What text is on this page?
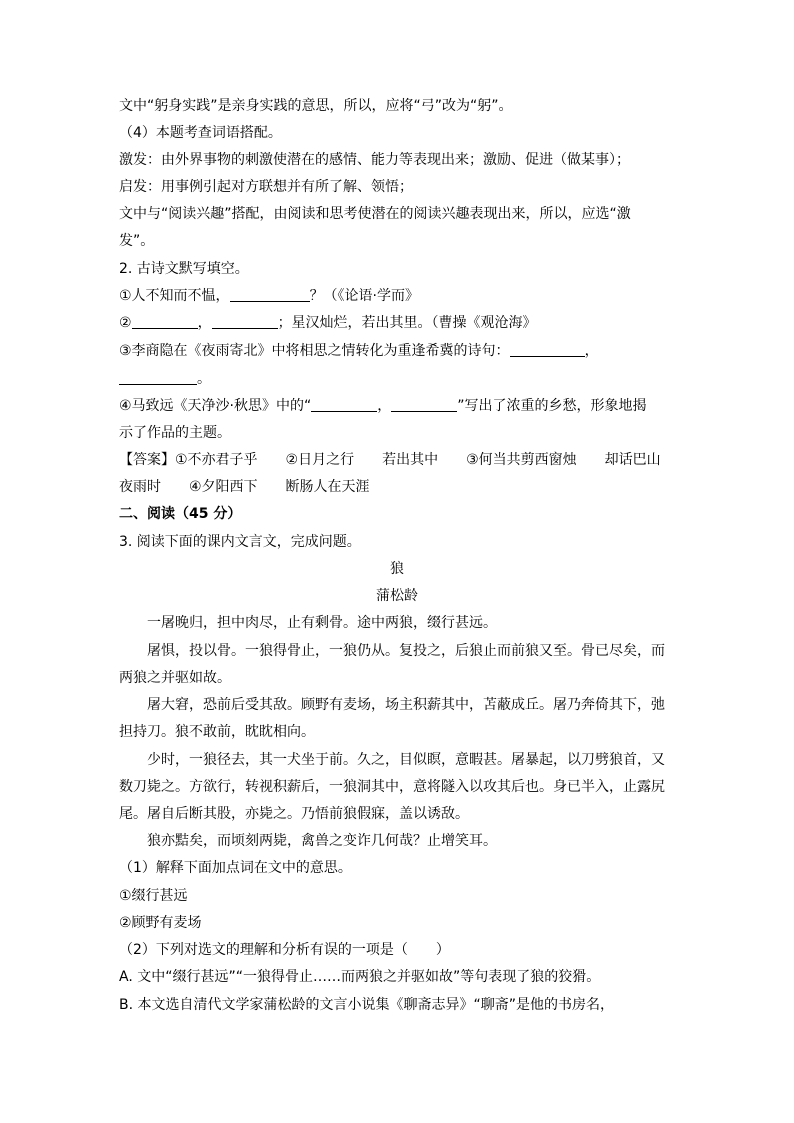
文中“躬身实践”是亲身实践的意思，所以，应将“弓”改为“躬”。

（4）本题考查词语搭配。

激发：由外界事物的刺激使潜在的感情、能力等表现出来；激励、促进（做某事）；

启发：用事例引起对方联想并有所了解、领悟；

文中与“阅读兴趣”搭配，由阅读和思考使潜在的阅读兴趣表现出来，所以，应选“激

发”。

2. 古诗文默写填空。

①人不知而不愠，	？（《论语·学而》

②	，	；星汉灿烂，若出其里。（曹操《观沧海》

③李商隐在《夜雨寄北》中将相思之情转化为重逢希冀的诗句：	，

。

④马致远《天净沙·秋思》中的“	，	”写出了浓重的乡愁，形象地揭

示了作品的主题。

【答案】①不亦君子乎　　②日月之行　　若出其中　　③何当共剪西窗烛　　却话巴山

夜雨时　　④夕阳西下　　断肠人在天涯

二、阅读（45 分）

3. 阅读下面的课内文言文，完成问题。

狼

蒲松龄

一屠晚归，担中肉尽，止有剩骨。途中两狼，缀行甚远。

屠惧，投以骨。一狼得骨止，一狼仍从。复投之，后狼止而前狼又至。骨已尽矣，而

两狼之并驱如故。

屠大窘，恐前后受其敌。顾野有麦场，场主积薪其中，苫蔽成丘。屠乃奔倚其下，弛

担持刀。狼不敢前，眈眈相向。

少时，一狼径去，其一犬坐于前。久之，目似瞑，意暇甚。屠暴起，以刀劈狼首，又

数刀毙之。方欲行，转视积薪后，一狼洞其中，意将隧入以攻其后也。身已半入，止露尻

尾。屠自后断其股，亦毙之。乃悟前狼假寐，盖以诱敌。

狼亦黠矣，而顷刻两毙，禽兽之变诈几何哉？止增笑耳。

（1）解释下面加点词在文中的意思。

①缀行甚远

②顾野有麦场

（2）下列对选文的理解和分析有误的一项是（　　）

A. 文中“缀行甚远”“一狼得骨止……而两狼之并驱如故”等句表现了狼的狡猾。

B. 本文选自清代文学家蒲松龄的文言小说集《聊斋志异》“聊斋”是他的书房名，
